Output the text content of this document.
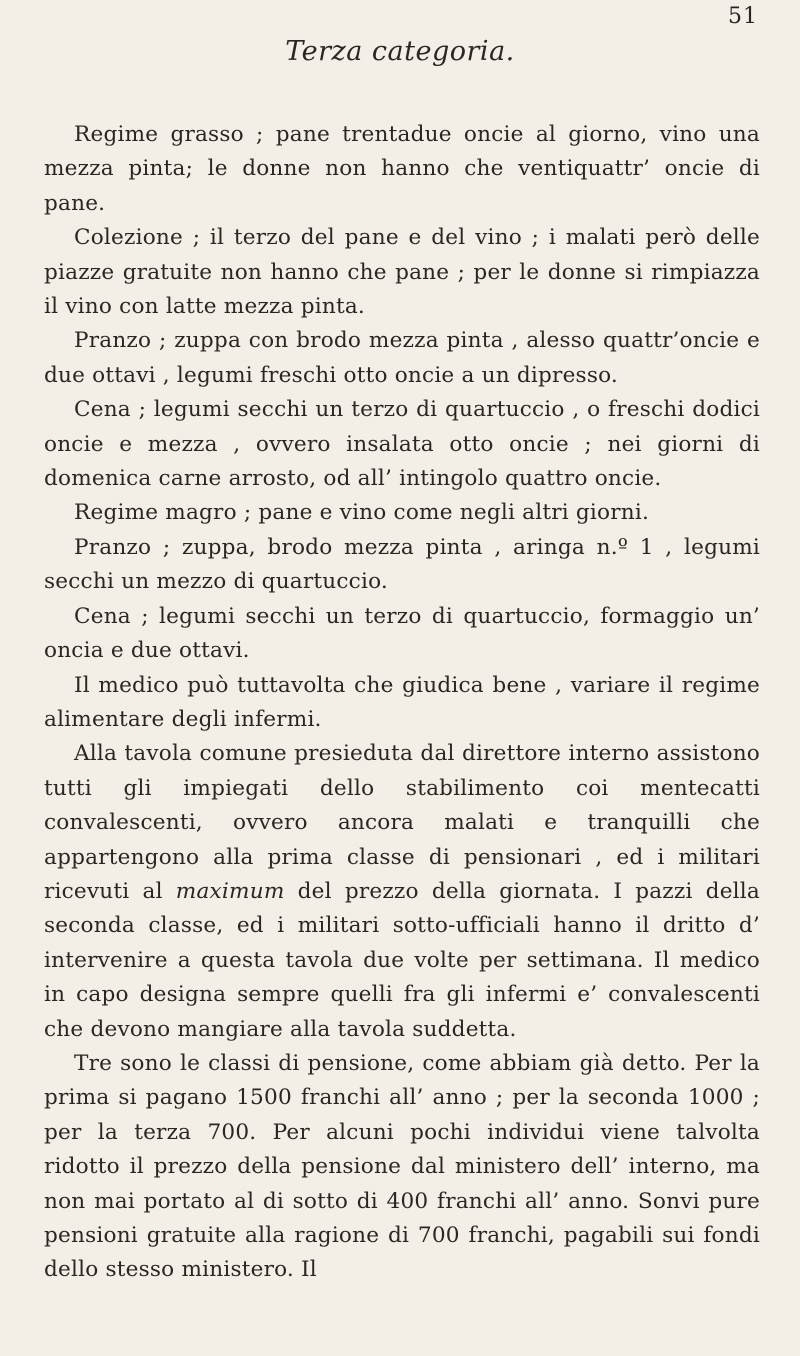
51
Terza categoria.

Regime grasso ; pane trentadue oncie al giorno, vino una mezza pinta; le donne non hanno che ventiquattr’ oncie di pane.

Colezione ; il terzo del pane e del vino ; i malati però delle piazze gratuite non hanno che pane ; per le donne si rimpiazza il vino con latte mezza pinta.

Pranzo ; zuppa con brodo mezza pinta , alesso quattr’oncie e due ottavi , legumi freschi otto oncie a un dipresso.

Cena ; legumi secchi un terzo di quartuccio , o freschi dodici oncie e mezza , ovvero insalata otto oncie ; nei giorni di domenica carne arrosto, od all’ intingolo quattro oncie.

Regime magro ; pane e vino come negli altri giorni.

Pranzo ; zuppa, brodo mezza pinta , aringa n.º 1 , legumi secchi un mezzo di quartuccio.

Cena ; legumi secchi un terzo di quartuccio, formaggio un’ oncia e due ottavi.

Il medico può tuttavolta che giudica bene , variare il regime alimentare degli infermi.

Alla tavola comune presieduta dal direttore interno assistono tutti gli impiegati dello stabilimento coi mentecatti convalescenti, ovvero ancora malati e tranquilli che appartengono alla prima classe di pensionari , ed i militari ricevuti al maximum del prezzo della giornata. I pazzi della seconda classe, ed i militari sotto-ufficiali hanno il dritto d’ intervenire a questa tavola due volte per settimana. Il medico in capo designa sempre quelli fra gli infermi e’ convalescenti che devono mangiare alla tavola suddetta.

Tre sono le classi di pensione, come abbiam già detto. Per la prima si pagano 1500 franchi all’ anno ; per la seconda 1000 ; per la terza 700. Per alcuni pochi individui viene talvolta ridotto il prezzo della pensione dal ministero dell’ interno, ma non mai portato al di sotto di 400 franchi all’ anno. Sonvi pure pensioni gratuite alla ragione di 700 franchi, pagabili sui fondi dello stesso ministero. Il
